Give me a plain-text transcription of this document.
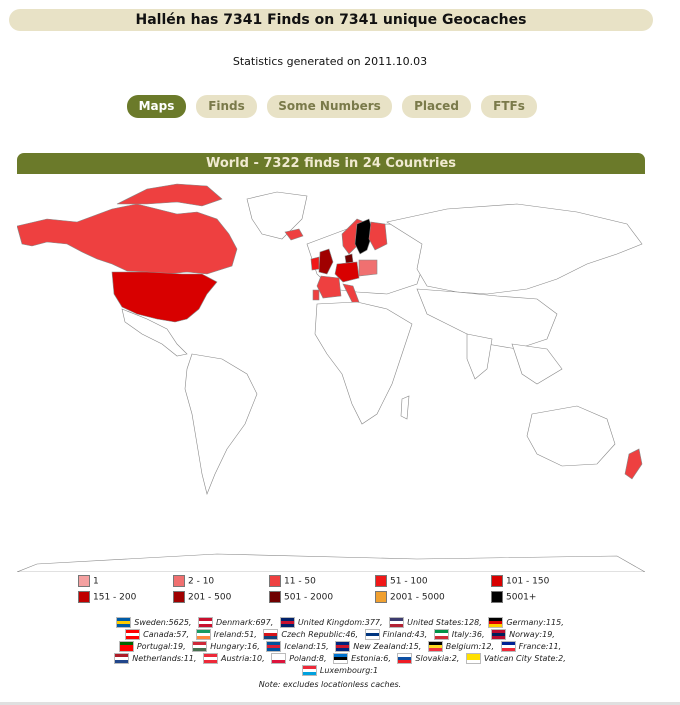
Hallén has 7341 Finds on 7341 unique Geocaches
Statistics generated on 2011.10.03
Maps	Finds	Some Numbers	Placed	FTFs
World - 7322 finds in 24 Countries
1	2 - 10	11 - 50	51 - 100	101 - 150
151 - 200	201 - 500	501 - 2000	2001 - 5000	5001+
Sweden:5625,	Denmark:697,	United Kingdom:377,	United States:128,	Germany:115,

Canada:57,	Ireland:51,	Czech Republic:46,	Finland:43,	Italy:36,	Norway:19,

Portugal:19,	Hungary:16,	Iceland:15,	New Zealand:15,	Belgium:12,	France:11,

Netherlands:11,	Austria:10,	Poland:8,	Estonia:6,	Slovakia:2,	Vatican City State:2,

Luxembourg:1
Note: excludes locationless caches.
